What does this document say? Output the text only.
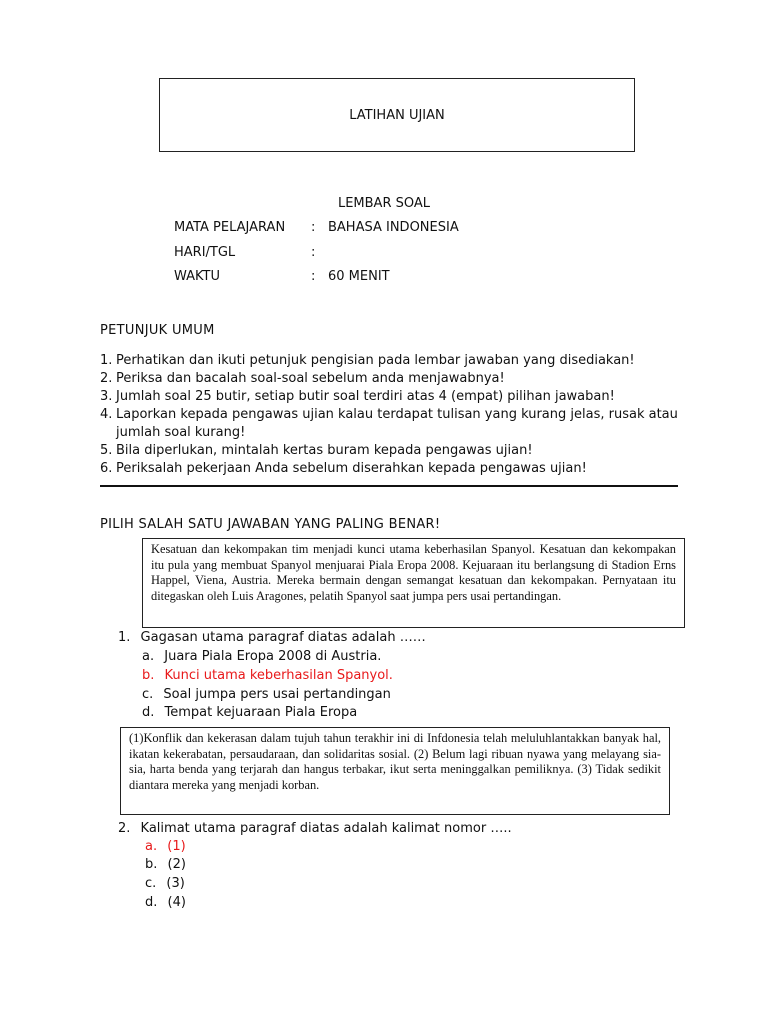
LATIHAN UJIAN
LEMBAR SOAL
MATA PELAJARAN : BAHASA INDONESIA
HARI/TGL	:
WAKTU	: 60 MENIT
PETUNJUK UMUM
1. Perhatikan dan ikuti petunjuk pengisian pada lembar jawaban yang disediakan!
2. Periksa dan bacalah soal-soal sebelum anda menjawabnya!
3. Jumlah soal 25 butir, setiap butir soal terdiri atas 4 (empat) pilihan jawaban!
4. Laporkan kepada pengawas ujian kalau terdapat tulisan yang kurang jelas, rusak atau jumlah soal kurang!
5. Bila diperlukan, mintalah kertas buram kepada pengawas ujian!
6. Periksalah pekerjaan Anda sebelum diserahkan kepada pengawas ujian!
PILIH SALAH SATU JAWABAN YANG PALING BENAR!
Kesatuan dan kekompakan tim menjadi kunci utama keberhasilan Spanyol. Kesatuan dan kekompakan itu pula yang membuat Spanyol menjuarai Piala Eropa 2008. Kejuaraan itu berlangsung di Stadion Erns Happel, Viena, Austria. Mereka bermain dengan semangat kesatuan dan kekompakan. Pernyataan itu ditegaskan oleh Luis Aragones, pelatih Spanyol saat jumpa pers usai pertandingan.
1. Gagasan utama paragraf diatas adalah ……
a. Juara Piala Eropa 2008 di Austria.
b. Kunci utama keberhasilan Spanyol.
c. Soal jumpa pers usai pertandingan
d. Tempat kejuaraan Piala Eropa
(1)Konflik dan kekerasan dalam tujuh tahun terakhir ini di Infdonesia telah meluluhlantakkan banyak hal, ikatan kekerabatan, persaudaraan, dan solidaritas sosial. (2) Belum lagi ribuan nyawa yang melayang sia-sia, harta benda yang terjarah dan hangus terbakar, ikut serta meninggalkan pemiliknya. (3) Tidak sedikit diantara mereka yang menjadi korban.
2. Kalimat utama paragraf diatas adalah kalimat nomor …..
a. (1)
b. (2)
c. (3)
d. (4)
